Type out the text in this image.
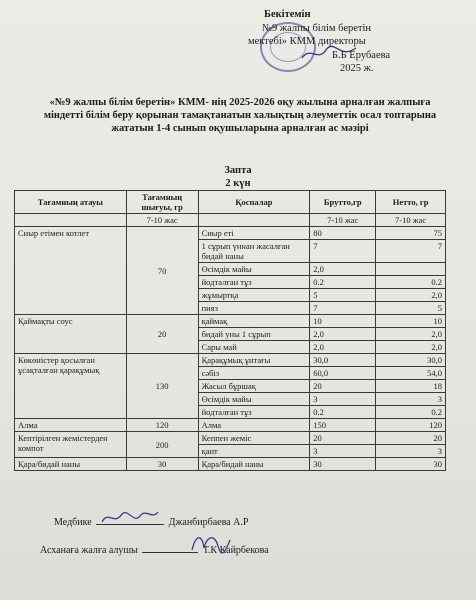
Бекітемін
№9 жалпы білім беретін
мектебі» КММ директоры
Б.Б Ерубаева
2025 ж.
«№9 жалпы білім беретін» КММ- нің 2025-2026 оқу жылына арналған жалпыға міндетті білім беру қорынан тамақтанатын халықтың әлеуметтік осал топтарына жататын 1-4 сынып оқушыларына арналған ас мәзірі
Запта
2 күн
Тағамның атауы	Тағамның шығуы, гр	Қоспалар	Брутто,гр	Нетто, гр
	7-10 жас		7-10 жас	7-10 жас
Сиыр етімен котлет	70	Сиыр еті	80	75
		1 сұрып үннан жасалған бидай наны	7	7
		Өсімдік майы	2,0	
		йодталған тұз	0.2	0.2
		жұмыртқа	5	2,0
		пияз	7	5
Қаймақты соус	20	қаймақ	10	10
		бидай уны 1 сұрып	2,0	2,0
		Сары май	2,0	2,0
Көкөністер қосылған ұсақталған қарақұмық	130	Қарақұмық ұнтағы	30,0	30,0
		сәбіз	60,0	54,0
		Жасыл бұршақ	20	18
		Өсімдік майы	3	3
		йодталған тұз	0.2	0.2
Алма	120	Алма	150	120
Кептірілген жемістерден компот	200	Кеппен жеміс	20	20
		қант	3	3
Қара/бидай наны	30	Қара/бидай наны	30	30
Медбике	Джанбирбаева А.Р
Асханаға жалға алушы	Т.К Кайрбекова
